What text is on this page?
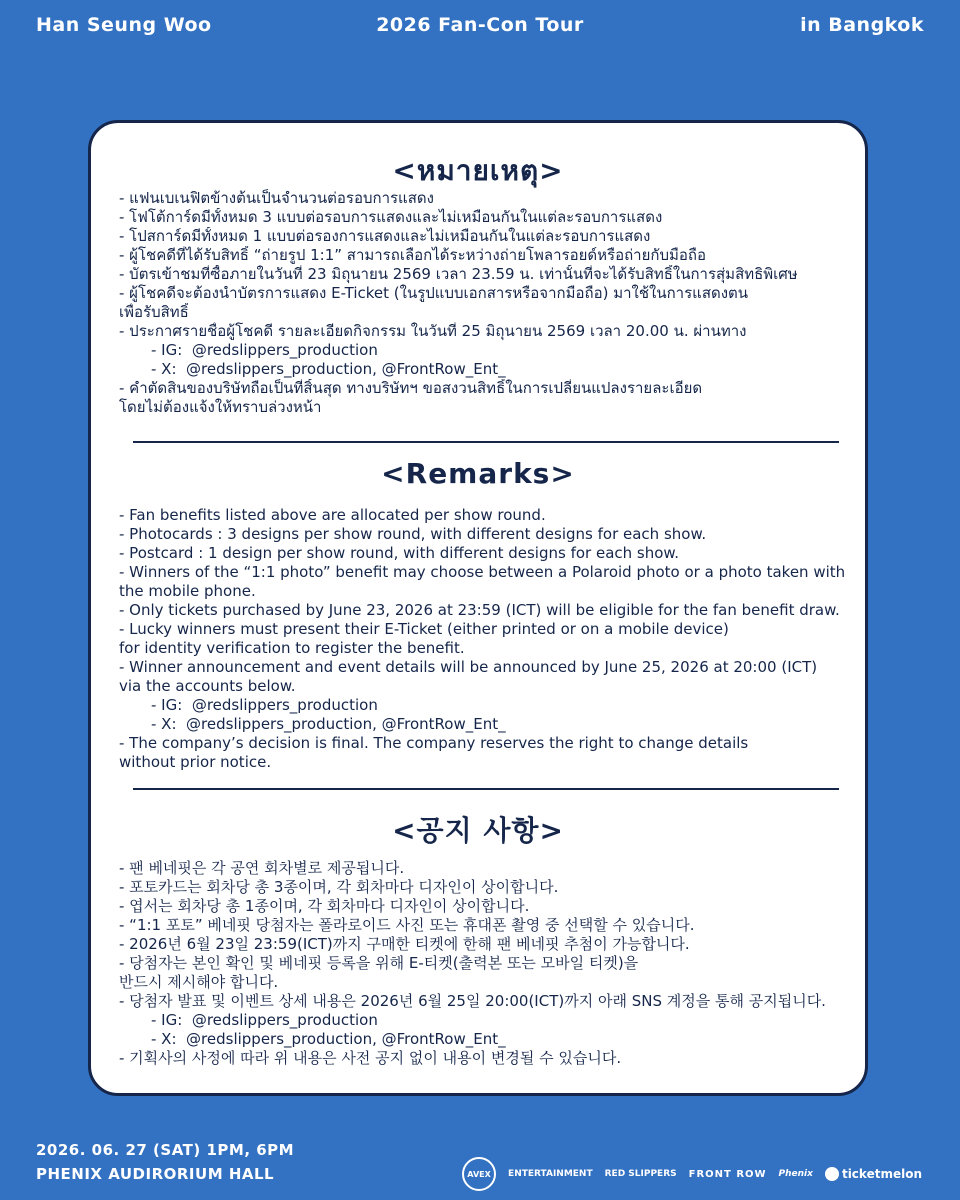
Han Seung Woo	2026 Fan-Con Tour	in Bangkok
<หมายเหตุ>
- แฟนเบเนฟิตข้างต้นเป็นจำนวนต่อรอบการแสดง
- โฟโต้การ์ดมีทั้งหมด 3 แบบต่อรอบการแสดงและไม่เหมือนกันในแต่ละรอบการแสดง
- โปสการ์ดมีทั้งหมด 1 แบบต่อรองการแสดงและไม่เหมือนกันในแต่ละรอบการแสดง
- ผู้โชคดีที่ได้รับสิทธิ์ “ถ่ายรูป 1:1” สามารถเลือกได้ระหว่างถ่ายโพลารอยด์หรือถ่ายกับมือถือ
- บัตรเข้าชมที่ซื้อภายในวันที่ 23 มิถุนายน 2569 เวลา 23.59 น. เท่านั้นที่จะได้รับสิทธิ์ในการสุ่มสิทธิพิเศษ
- ผู้โชคดีจะต้องนำบัตรการแสดง E-Ticket (ในรูปแบบเอกสารหรือจากมือถือ) มาใช้ในการแสดงตน
เพื่อรับสิทธิ์
- ประกาศรายชื่อผู้โชคดี รายละเอียดกิจกรรม ในวันที่ 25 มิถุนายน 2569 เวลา 20.00 น. ผ่านทาง
- IG:  @redslippers_production
- X:  @redslippers_production, @FrontRow_Ent_
- คำตัดสินของบริษัทถือเป็นที่สิ้นสุด ทางบริษัทฯ ขอสงวนสิทธิ์ในการเปลี่ยนแปลงรายละเอียด
โดยไม่ต้องแจ้งให้ทราบล่วงหน้า
<Remarks>
- Fan benefits listed above are allocated per show round.
- Photocards : 3 designs per show round, with different designs for each show.
- Postcard : 1 design per show round, with different designs for each show.
- Winners of the “1:1 photo” benefit may choose between a Polaroid photo or a photo taken with
the mobile phone.
- Only tickets purchased by June 23, 2026 at 23:59 (ICT) will be eligible for the fan benefit draw.
- Lucky winners must present their E-Ticket (either printed or on a mobile device)
for identity verification to register the benefit.
- Winner announcement and event details will be announced by June 25, 2026 at 20:00 (ICT)
via the accounts below.
- IG:  @redslippers_production
- X:  @redslippers_production, @FrontRow_Ent_
- The company’s decision is final. The company reserves the right to change details
without prior notice.
<공지 사항>
- 팬 베네핏은 각 공연 회차별로 제공됩니다.
- 포토카드는 회차당 총 3종이며, 각 회차마다 디자인이 상이합니다.
- 엽서는 회차당 총 1종이며, 각 회차마다 디자인이 상이합니다.
- “1:1 포토” 베네핏 당첨자는 폴라로이드 사진 또는 휴대폰 촬영 중 선택할 수 있습니다.
- 2026년 6월 23일 23:59(ICT)까지 구매한 티켓에 한해 팬 베네핏 추첨이 가능합니다.
- 당첨자는 본인 확인 및 베네핏 등록을 위해 E-티켓(출력본 또는 모바일 티켓)을
반드시 제시해야 합니다.
- 당첨자 발표 및 이벤트 상세 내용은 2026년 6월 25일 20:00(ICT)까지 아래 SNS 계정을 통해 공지됩니다.
- IG:  @redslippers_production
- X:  @redslippers_production, @FrontRow_Ent_
- 기획사의 사정에 따라 위 내용은 사전 공지 없이 내용이 변경될 수 있습니다.
2026. 06. 27 (SAT) 1PM, 6PM
PHENIX AUDIRORIUM HALL	AVEX ENTERTAINMENT RED SLIPPERS FRONT ROW Phenix ticketmelon
